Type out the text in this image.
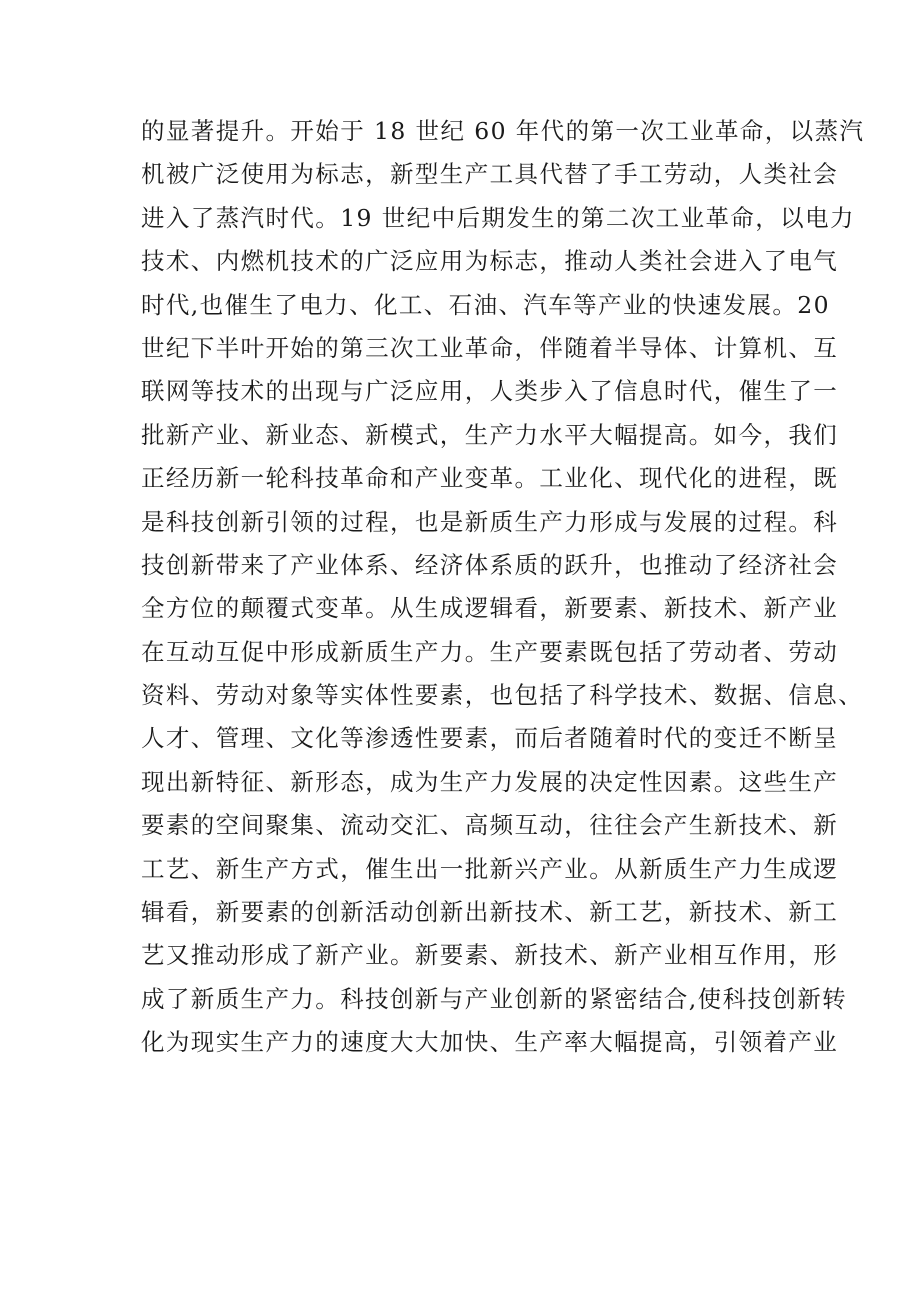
的显著提升。开始于 18 世纪 60 年代的第一次工业革命，以蒸汽
机被广泛使用为标志，新型生产工具代替了手工劳动，人类社会
进入了蒸汽时代。19 世纪中后期发生的第二次工业革命，以电力
技术、内燃机技术的广泛应用为标志，推动人类社会进入了电气
时代,也催生了电力、化工、石油、汽车等产业的快速发展。20
世纪下半叶开始的第三次工业革命，伴随着半导体、计算机、互
联网等技术的出现与广泛应用，人类步入了信息时代，催生了一
批新产业、新业态、新模式，生产力水平大幅提高。如今，我们
正经历新一轮科技革命和产业变革。工业化、现代化的进程，既
是科技创新引领的过程，也是新质生产力形成与发展的过程。科
技创新带来了产业体系、经济体系质的跃升，也推动了经济社会
全方位的颠覆式变革。从生成逻辑看，新要素、新技术、新产业
在互动互促中形成新质生产力。生产要素既包括了劳动者、劳动
资料、劳动对象等实体性要素，也包括了科学技术、数据、信息、
人才、管理、文化等渗透性要素，而后者随着时代的变迁不断呈
现出新特征、新形态，成为生产力发展的决定性因素。这些生产
要素的空间聚集、流动交汇、高频互动，往往会产生新技术、新
工艺、新生产方式，催生出一批新兴产业。从新质生产力生成逻
辑看，新要素的创新活动创新出新技术、新工艺，新技术、新工
艺又推动形成了新产业。新要素、新技术、新产业相互作用，形
成了新质生产力。科技创新与产业创新的紧密结合,使科技创新转
化为现实生产力的速度大大加快、生产率大幅提高，引领着产业
